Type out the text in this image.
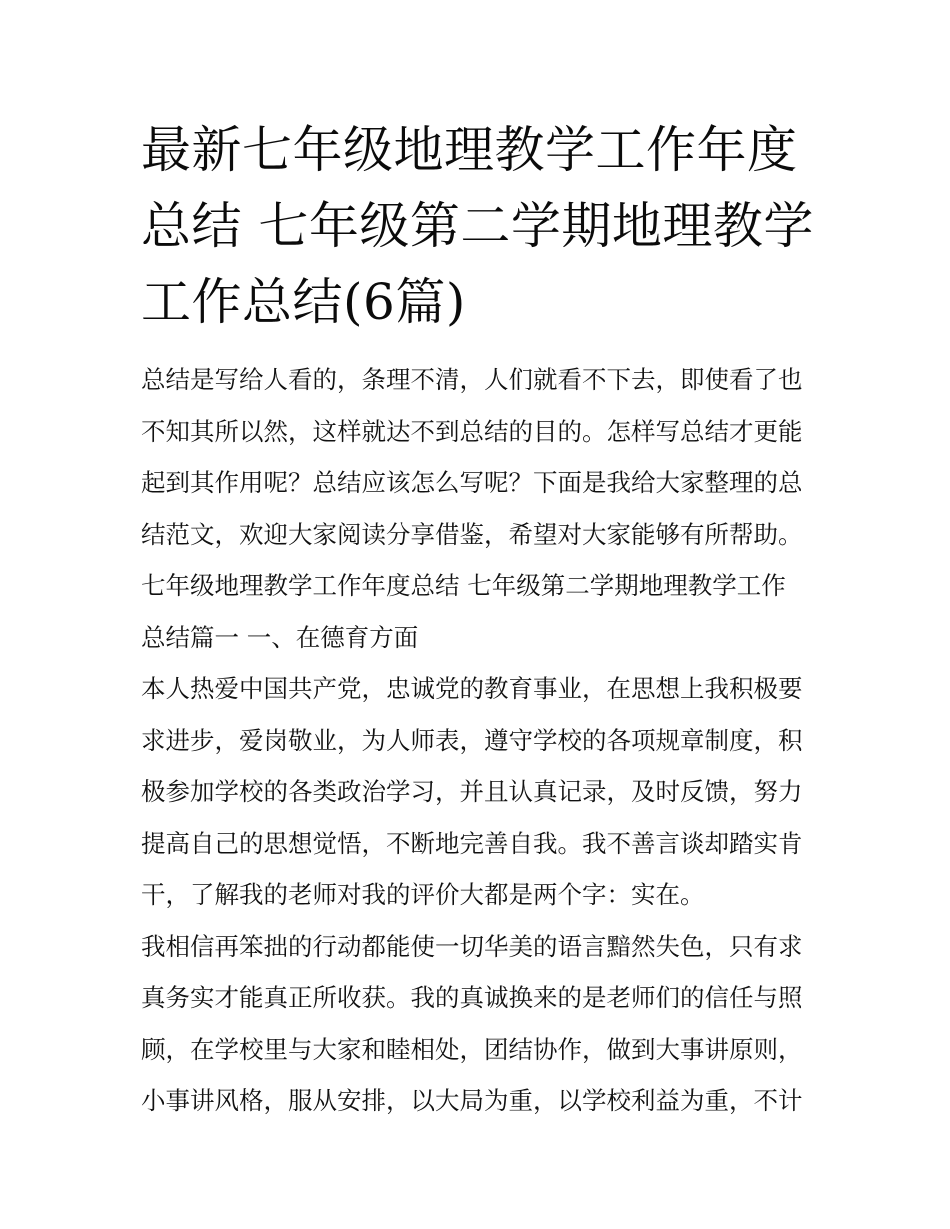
最新七年级地理教学工作年度
总结 七年级第二学期地理教学
工作总结(6篇)
总结是写给人看的，条理不清，人们就看不下去，即使看了也
不知其所以然，这样就达不到总结的目的。怎样写总结才更能
起到其作用呢？总结应该怎么写呢？下面是我给大家整理的总
结范文，欢迎大家阅读分享借鉴，希望对大家能够有所帮助。
七年级地理教学工作年度总结 七年级第二学期地理教学工作
总结篇一 一、在德育方面
本人热爱中国共产党，忠诚党的教育事业，在思想上我积极要
求进步，爱岗敬业，为人师表，遵守学校的各项规章制度，积
极参加学校的各类政治学习，并且认真记录，及时反馈，努力
提高自己的思想觉悟，不断地完善自我。我不善言谈却踏实肯
干，了解我的老师对我的评价大都是两个字：实在。
我相信再笨拙的行动都能使一切华美的语言黯然失色，只有求
真务实才能真正所收获。我的真诚换来的是老师们的信任与照
顾，在学校里与大家和睦相处，团结协作，做到大事讲原则，
小事讲风格，服从安排，以大局为重，以学校利益为重，不计
